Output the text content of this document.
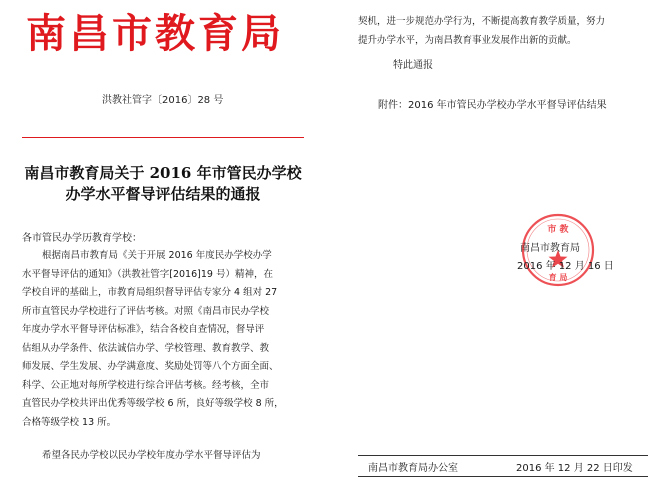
南昌市教育局
洪教社管字〔2016〕28 号
南昌市教育局关于 2016 年市管民办学校
办学水平督导评估结果的通报
各市管民办学历教育学校：
根据南昌市教育局《关于开展 2016 年度民办学校办学
水平督导评估的通知》（洪教社管字[2016]19 号）精神，在
学校自评的基础上，市教育局组织督导评估专家分 4 组对 27
所市直管民办学校进行了评估考核。对照《南昌市民办学校
年度办学水平督导评估标准》，结合各校自查情况，督导评
估组从办学条件、依法诚信办学、学校管理、教育教学、教
师发展、学生发展、办学满意度、奖励处罚等八个方面全面、
科学、公正地对每所学校进行综合评估考核。经考核，全市
直管民办学校共评出优秀等级学校 6 所，良好等级学校 8 所，
合格等级学校 13 所。
希望各民办学校以民办学校年度办学水平督导评估为
契机，进一步规范办学行为，不断提高教育教学质量，努力
提升办学水平，为南昌教育事业发展作出新的贡献。
特此通报
附件：2016 年市管民办学校办学水平督导评估结果
市 教
育 局
南昌市教育局
2016 年 12 月 16 日
南昌市教育局办公室	2016 年 12 月 22 日印发
